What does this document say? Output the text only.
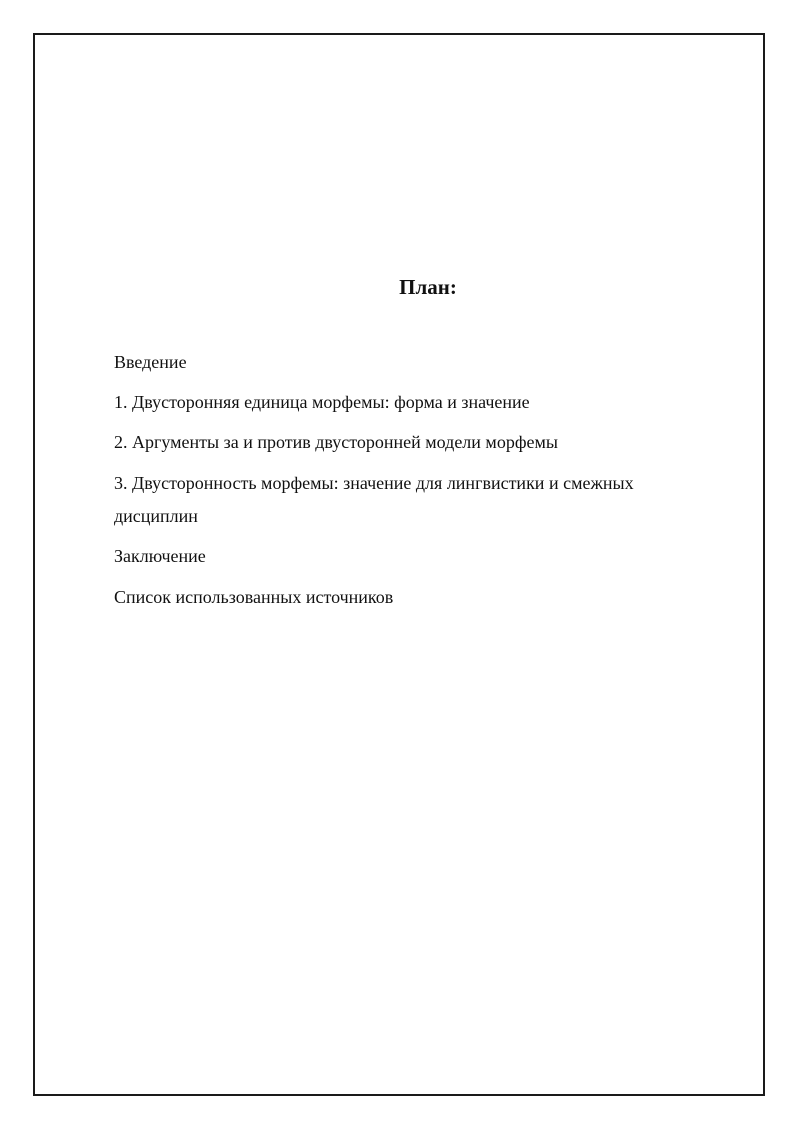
План:
Введение
1. Двусторонняя единица морфемы: форма и значение
2. Аргументы за и против двусторонней модели морфемы
3. Двусторонность морфемы: значение для лингвистики и смежных дисциплин
Заключение
Список использованных источников
